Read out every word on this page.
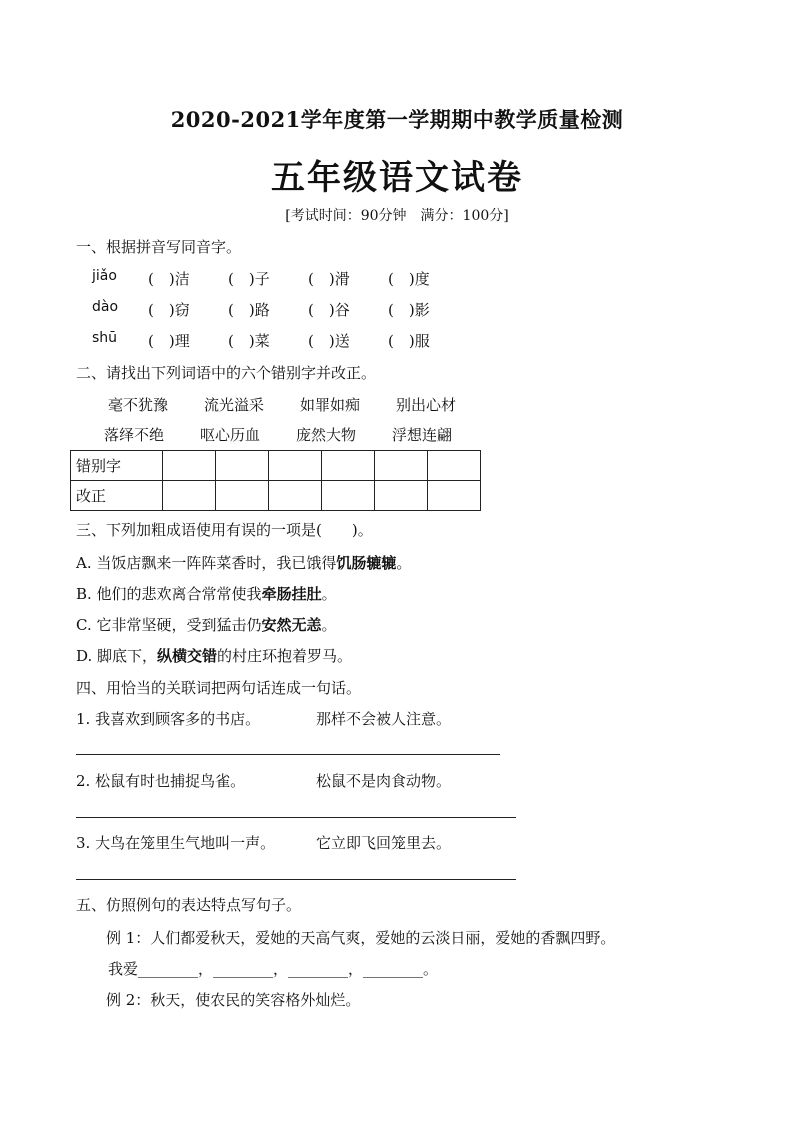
2020-2021学年度第一学期期中教学质量检测
五年级语文试卷
[考试时间：90分钟　满分：100分]
一、根据拼音写同音字。
jiǎo	(　)洁	(　)子	(　)滑	(　)度
dào	(　)窃	(　)路	(　)谷	(　)影
shū	(　)理	(　)菜	(　)送	(　)服
二、请找出下列词语中的六个错别字并改正。
毫不犹豫	流光溢采	如罪如痴	别出心材
落绎不绝	呕心历血	庞然大物	浮想连翩
错别字						
改正						
三、下列加粗成语使用有误的一项是(　　)。
A. 当饭店飘来一阵阵菜香时，我已饿得饥肠辘辘。
B. 他们的悲欢离合常常使我牵肠挂肚。
C. 它非常坚硬，受到猛击仍安然无恙。
D. 脚底下，纵横交错的村庄环抱着罗马。
四、用恰当的关联词把两句话连成一句话。
1. 我喜欢到顾客多的书店。	那样不会被人注意。
2. 松鼠有时也捕捉鸟雀。	松鼠不是肉食动物。
3. 大鸟在笼里生气地叫一声。	它立即飞回笼里去。
五、仿照例句的表达特点写句子。
例 1：人们都爱秋天，爱她的天高气爽，爱她的云淡日丽，爱她的香飘四野。
我爱________，________，________，________。
例 2：秋天，使农民的笑容格外灿烂。
